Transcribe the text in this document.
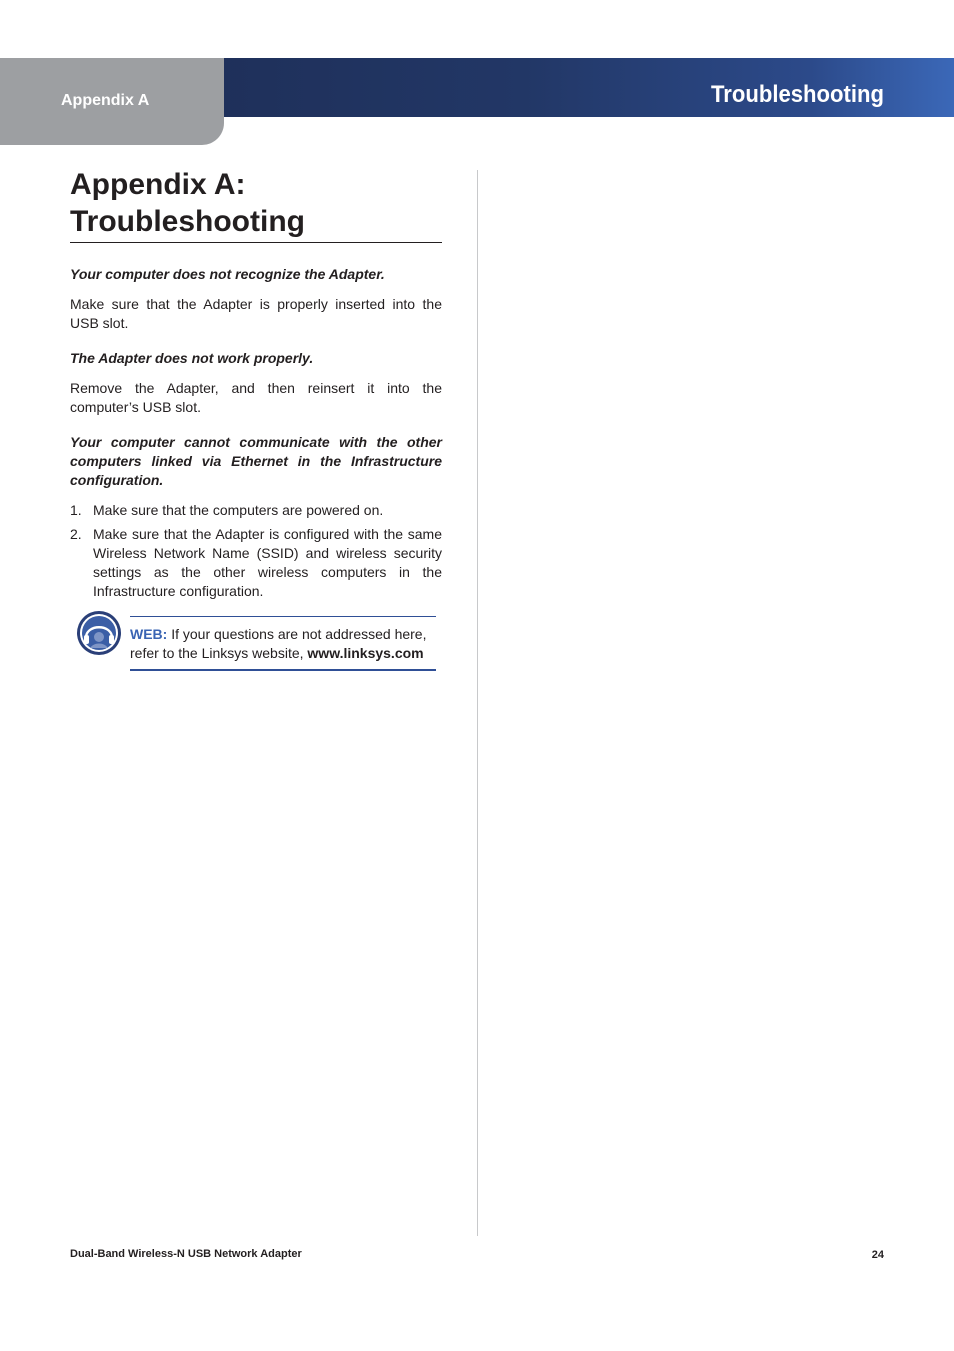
Appendix A	Troubleshooting
Appendix A:
Troubleshooting

Your computer does not recognize the Adapter.

Make sure that the Adapter is properly inserted into the USB slot.

The Adapter does not work properly.

Remove the Adapter, and then reinsert it into the computer’s USB slot.

Your computer cannot communicate with the other computers linked via Ethernet in the Infrastructure configuration.

1. Make sure that the computers are powered on.
2. Make sure that the Adapter is configured with the same Wireless Network Name (SSID) and wireless security settings as the other wireless computers in the Infrastructure configuration.
WEB: If your questions are not addressed here, refer to the Linksys website, www.linksys.com
Dual-Band Wireless-N USB Network Adapter	24
